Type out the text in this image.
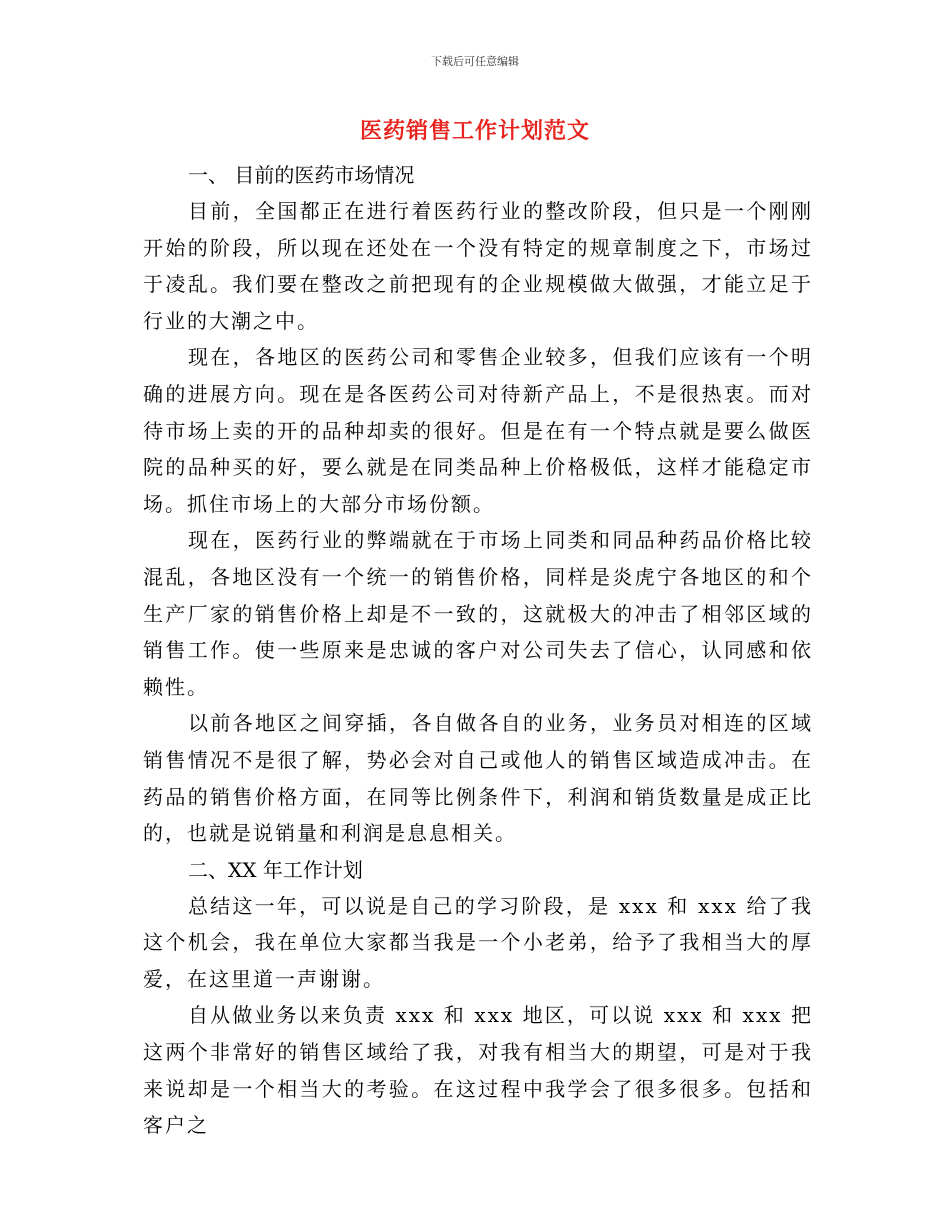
下载后可任意编辑
医药销售工作计划范文

一、 目前的医药市场情况

目前，全国都正在进行着医药行业的整改阶段，但只是一个刚刚开始的阶段，所以现在还处在一个没有特定的规章制度之下，市场过于凌乱。我们要在整改之前把现有的企业规模做大做强，才能立足于行业的大潮之中。

现在，各地区的医药公司和零售企业较多，但我们应该有一个明确的进展方向。现在是各医药公司对待新产品上，不是很热衷。而对待市场上卖的开的品种却卖的很好。但是在有一个特点就是要么做医院的品种买的好，要么就是在同类品种上价格极低，这样才能稳定市场。抓住市场上的大部分市场份额。

现在，医药行业的弊端就在于市场上同类和同品种药品价格比较混乱，各地区没有一个统一的销售价格，同样是炎虎宁各地区的和个生产厂家的销售价格上却是不一致的，这就极大的冲击了相邻区域的销售工作。使一些原来是忠诚的客户对公司失去了信心，认同感和依赖性。

以前各地区之间穿插，各自做各自的业务，业务员对相连的区域销售情况不是很了解，势必会对自己或他人的销售区域造成冲击。在药品的销售价格方面，在同等比例条件下，利润和销货数量是成正比的，也就是说销量和利润是息息相关。

二、XX 年工作计划

总结这一年，可以说是自己的学习阶段，是 xxx 和 xxx 给了我这个机会，我在单位大家都当我是一个小老弟，给予了我相当大的厚爱，在这里道一声谢谢。

自从做业务以来负责 xxx 和 xxx 地区，可以说 xxx 和 xxx 把这两个非常好的销售区域给了我，对我有相当大的期望，可是对于我来说却是一个相当大的考验。在这过程中我学会了很多很多。包括和客户之
